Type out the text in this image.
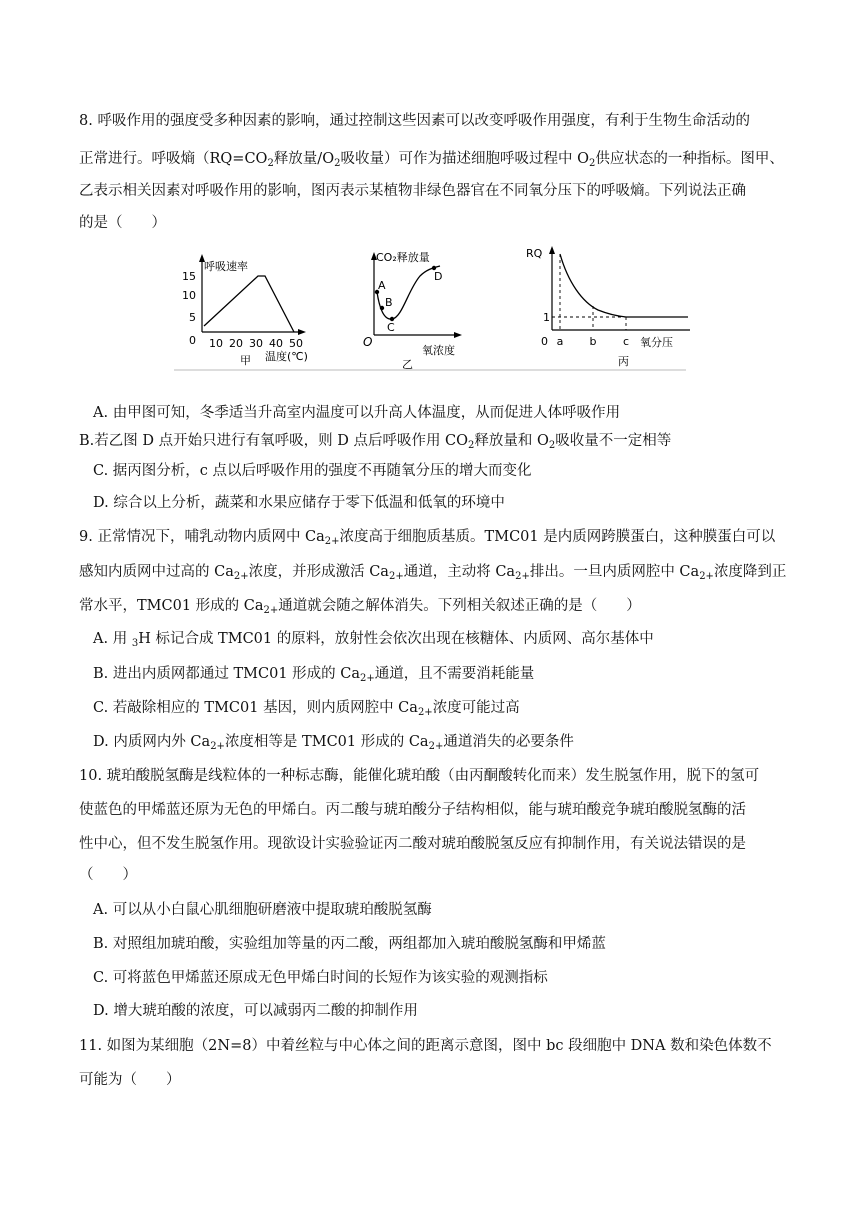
8. 呼吸作用的强度受多种因素的影响，通过控制这些因素可以改变呼吸作用强度，有利于生物生命活动的
正常进行。呼吸熵（$RQ=CO_2$释放量$/O_2$吸收量）可作为描述细胞呼吸过程中 $O_2$供应状态的一种指标。图甲、
乙表示相关因素对呼吸作用的影响，图丙表示某植物非绿色器官在不同氧分压下的呼吸熵。下列说法正确
的是（　　）
呼吸速率
15
10
5
0 10 20 30 40 50
温度(℃)
甲
CO₂释放量
A
B
C
D
O
氧浓度
乙
RQ
1
0 a b c 氧分压
丙
A. 由甲图可知，冬季适当升高室内温度可以升高人体温度，从而促进人体呼吸作用
B.若乙图 D 点开始只进行有氧呼吸，则 D 点后呼吸作用 $CO_2$释放量和 $O_2$吸收量不一定相等
C. 据丙图分析，c 点以后呼吸作用的强度不再随氧分压的增大而变化
D. 综合以上分析，蔬菜和水果应储存于零下低温和低氧的环境中
9. 正常情况下，哺乳动物内质网中 $Ca_{2+}$浓度高于细胞质基质。TMC01 是内质网跨膜蛋白，这种膜蛋白可以
感知内质网中过高的 $Ca_{2+}$浓度，并形成激活 $Ca_{2+}$通道，主动将 $Ca_{2+}$排出。一旦内质网腔中 $Ca_{2+}$浓度降到正
常水平，TMC01 形成的 $Ca_{2+}$通道就会随之解体消失。下列相关叙述正确的是（　　）
A. 用 $_3$H 标记合成 TMC01 的原料，放射性会依次出现在核糖体、内质网、高尔基体中
B. 进出内质网都通过 TMC01 形成的 $Ca_{2+}$通道，且不需要消耗能量
C. 若敲除相应的 TMC01 基因，则内质网腔中 $Ca_{2+}$浓度可能过高
D. 内质网内外 $Ca_{2+}$浓度相等是 TMC01 形成的 $Ca_{2+}$通道消失的必要条件
10. 琥珀酸脱氢酶是线粒体的一种标志酶，能催化琥珀酸（由丙酮酸转化而来）发生脱氢作用，脱下的氢可
使蓝色的甲烯蓝还原为无色的甲烯白。丙二酸与琥珀酸分子结构相似，能与琥珀酸竞争琥珀酸脱氢酶的活
性中心，但不发生脱氢作用。现欲设计实验验证丙二酸对琥珀酸脱氢反应有抑制作用，有关说法错误的是
（　　）
A. 可以从小白鼠心肌细胞研磨液中提取琥珀酸脱氢酶
B. 对照组加琥珀酸，实验组加等量的丙二酸，两组都加入琥珀酸脱氢酶和甲烯蓝
C. 可将蓝色甲烯蓝还原成无色甲烯白时间的长短作为该实验的观测指标
D. 增大琥珀酸的浓度，可以减弱丙二酸的抑制作用
11. 如图为某细胞（2N=8）中着丝粒与中心体之间的距离示意图，图中 bc 段细胞中 DNA 数和染色体数不
可能为（　　）
